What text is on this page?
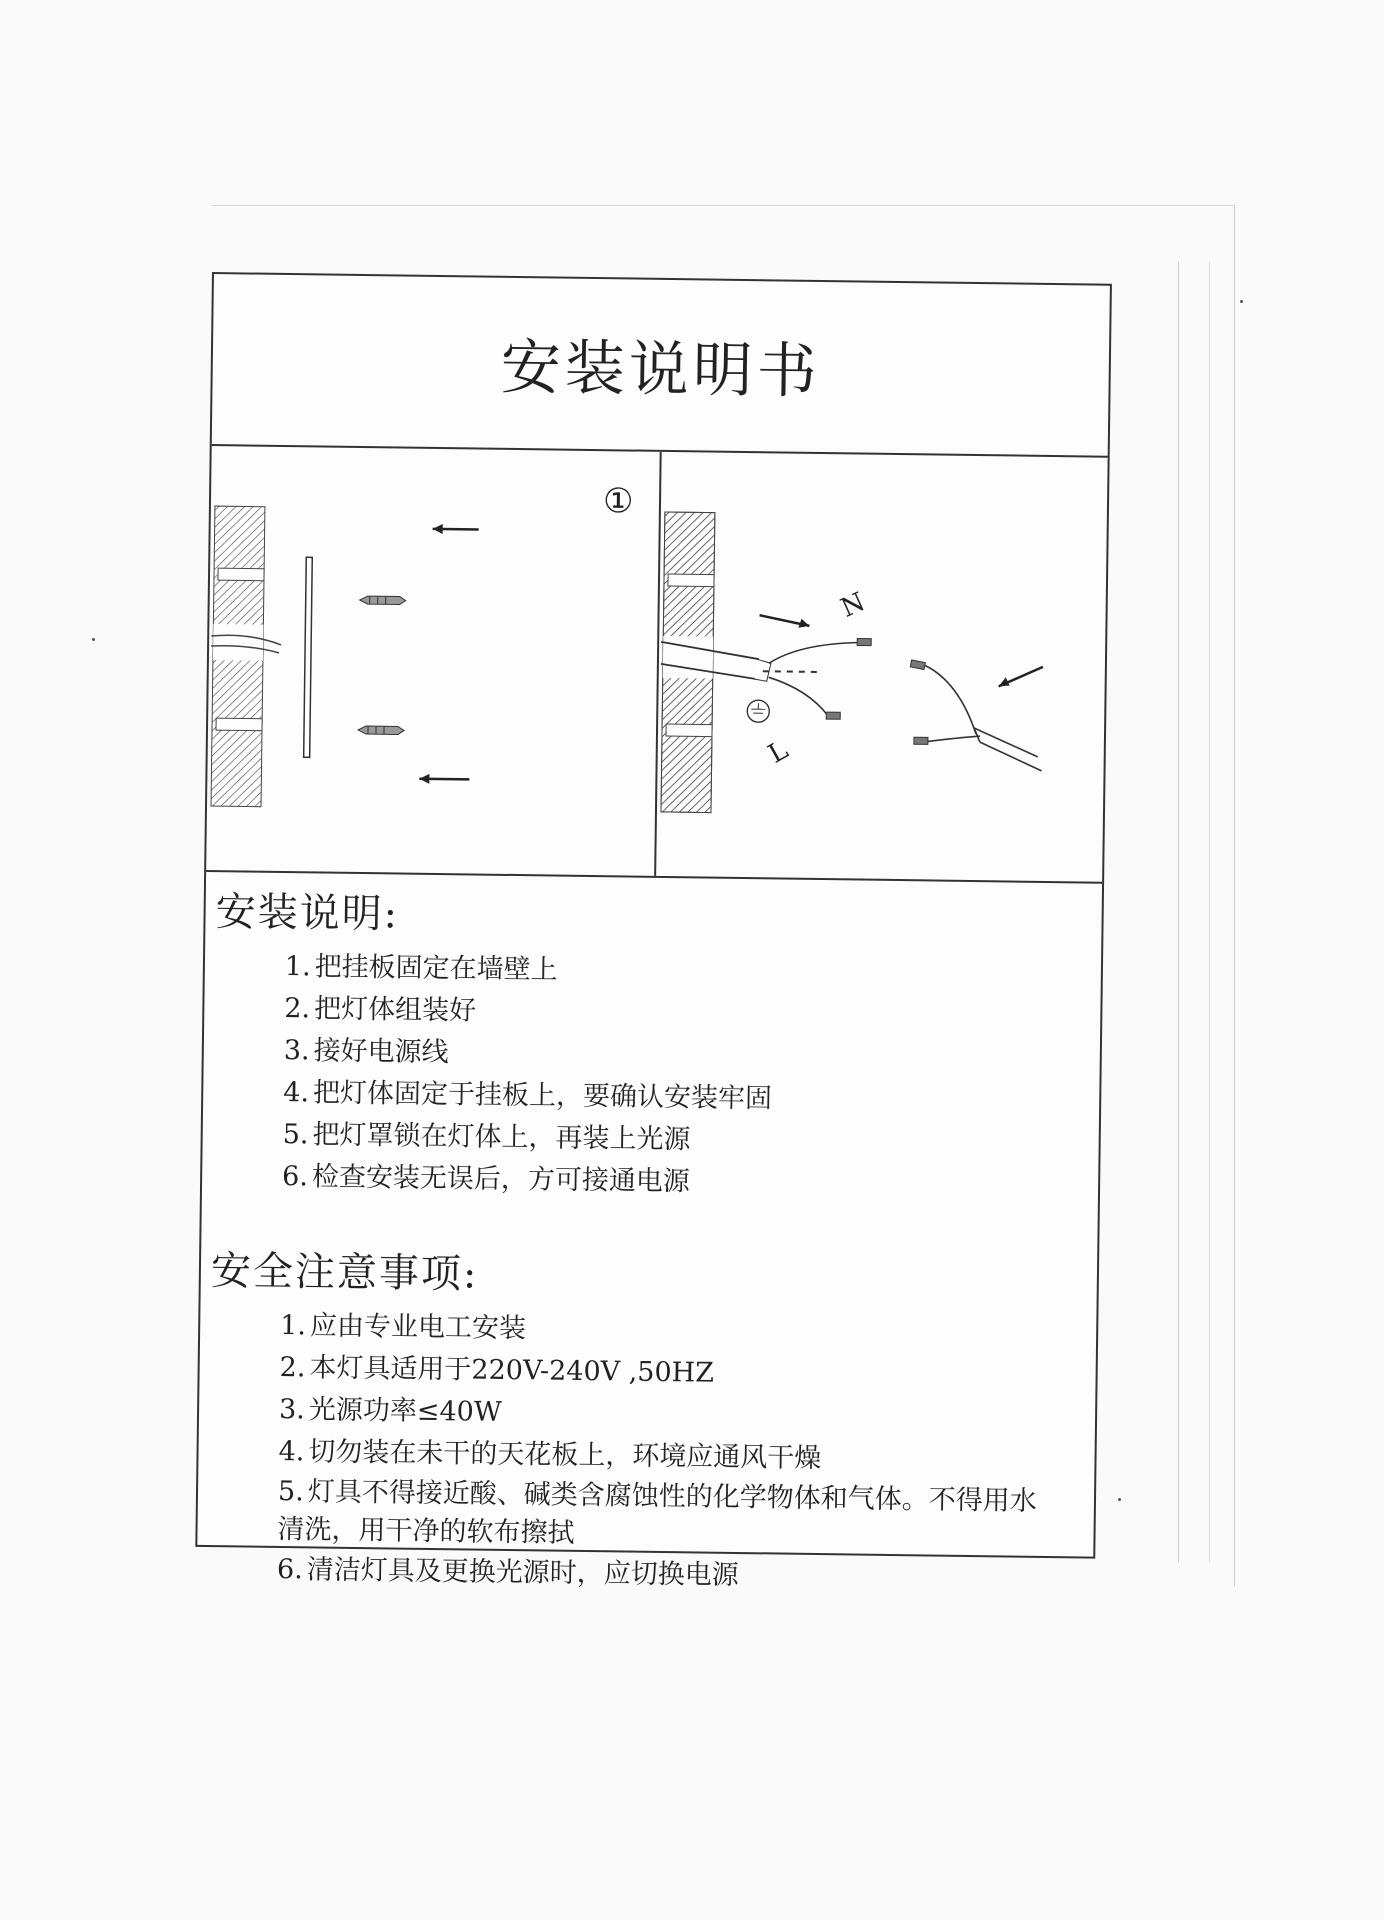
安装说明书
①
N
L
安装说明:
1. 把挂板固定在墙壁上
2. 把灯体组装好
3. 接好电源线
4. 把灯体固定于挂板上，要确认安装牢固
5. 把灯罩锁在灯体上，再装上光源
6. 检查安装无误后，方可接通电源
安全注意事项:
1. 应由专业电工安装
2. 本灯具适用于220V-240V ,50HZ
3. 光源功率≤40W
4. 切勿装在未干的天花板上，环境应通风干燥
5. 灯具不得接近酸、碱类含腐蚀性的化学物体和气体。不得用水清洗，用干净的软布擦拭
6. 清洁灯具及更换光源时，应切换电源
